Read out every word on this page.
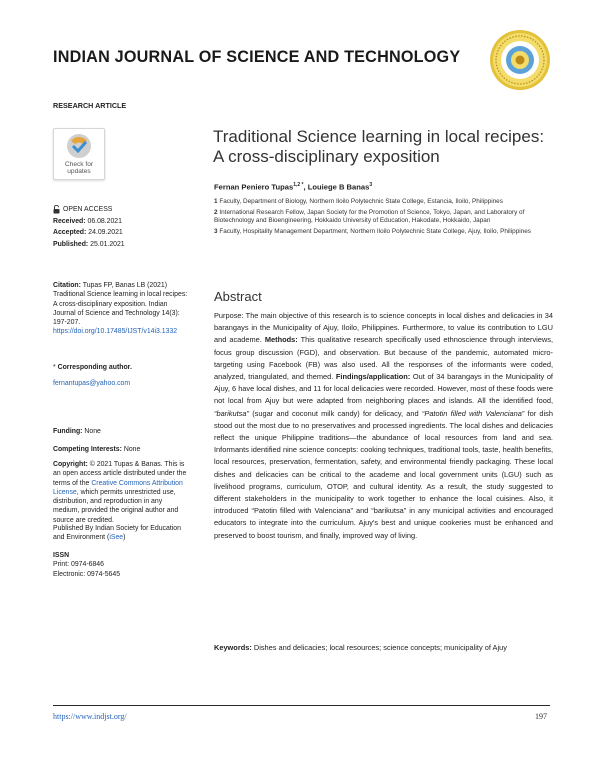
INDIAN JOURNAL OF SCIENCE AND TECHNOLOGY
RESEARCH ARTICLE
Check for
updates
OPEN ACCESS
Received: 06.08.2021
Accepted: 24.09.2021
Published: 25.01.2021
Citation: Tupas FP, Banas LB (2021) Traditional Science learning in local recipes: A cross-disciplinary exposition. Indian Journal of Science and Technology 14(3): 197-207. https://doi.org/10.17485/IJST/v14i3.1332
* Corresponding author.
fernantupas@yahoo.com
Funding: None
Competing Interests: None
Copyright: © 2021 Tupas & Banas. This is an open access article distributed under the terms of the Creative Commons Attribution License, which permits unrestricted use, distribution, and reproduction in any medium, provided the original author and source are credited.
Published By Indian Society for Education and Environment (iSee)
ISSN
Print: 0974-6846
Electronic: 0974-5645
Traditional Science learning in local recipes: A cross-disciplinary exposition
Fernan Peniero Tupas$^{1,2 *}$, Louiege B Banas$^3$
1 Faculty, Department of Biology, Northern Iloilo Polytechnic State College, Estancia, Iloilo, Philippines
2 International Research Fellow, Japan Society for the Promotion of Science, Tokyo, Japan, and Laboratory of Biotechnology and Bioengineering, Hokkaido University of Education, Hakodate, Hokkaido, Japan
3 Faculty, Hospitality Management Department, Northern Iloilo Polytechnic State College, Ajuy, Iloilo, Philippines
Abstract
Purpose: The main objective of this research is to science concepts in local dishes and delicacies in 34 barangays in the Municipality of Ajuy, Iloilo, Philippines. Furthermore, to value its contribution to LGU and academe. Methods: This qualitative research specifically used ethnoscience through interviews, focus group discussion (FGD), and observation. But because of the pandemic, automated micro-targeting using Facebook (FB) was also used. All the responses of the informants were coded, analyzed, triangulated, and themed. Findings/application: Out of 34 barangays in the Municipality of Ajuy, 6 have local dishes, and 11 for local delicacies were recorded. However, most of these foods were not local from Ajuy but were adapted from neighboring places and islands. All the identified food, “barikutsa” (sugar and coconut milk candy) for delicacy, and “Patotin filled with Valenciana” for dish stood out the most due to no preservatives and processed ingredients. The local dishes and delicacies reflect the unique Philippine traditions—the abundance of local resources from land and sea. Informants identified nine science concepts: cooking techniques, traditional tools, taste, health benefits, local resources, preservation, fermentation, safety, and environmental friendly packaging. These local dishes and delicacies can be critical to the academe and local government units (LGU) such as livelihood programs, curriculum, OTOP, and cultural identity. As a result, the study suggested to different stakeholders in the municipality to work together to enhance the local cuisines. Also, it introduced “Patotin filled with Valenciana” and “barikutsa” in any municipal activities and encouraged educators to integrate into the curriculum. Ajuy's best and unique cookeries must be enhanced and preserved to boost tourism, and finally, improved way of living.
Keywords: Dishes and delicacies; local resources; science concepts; municipality of Ajuy
https://www.indjst.org/	197
